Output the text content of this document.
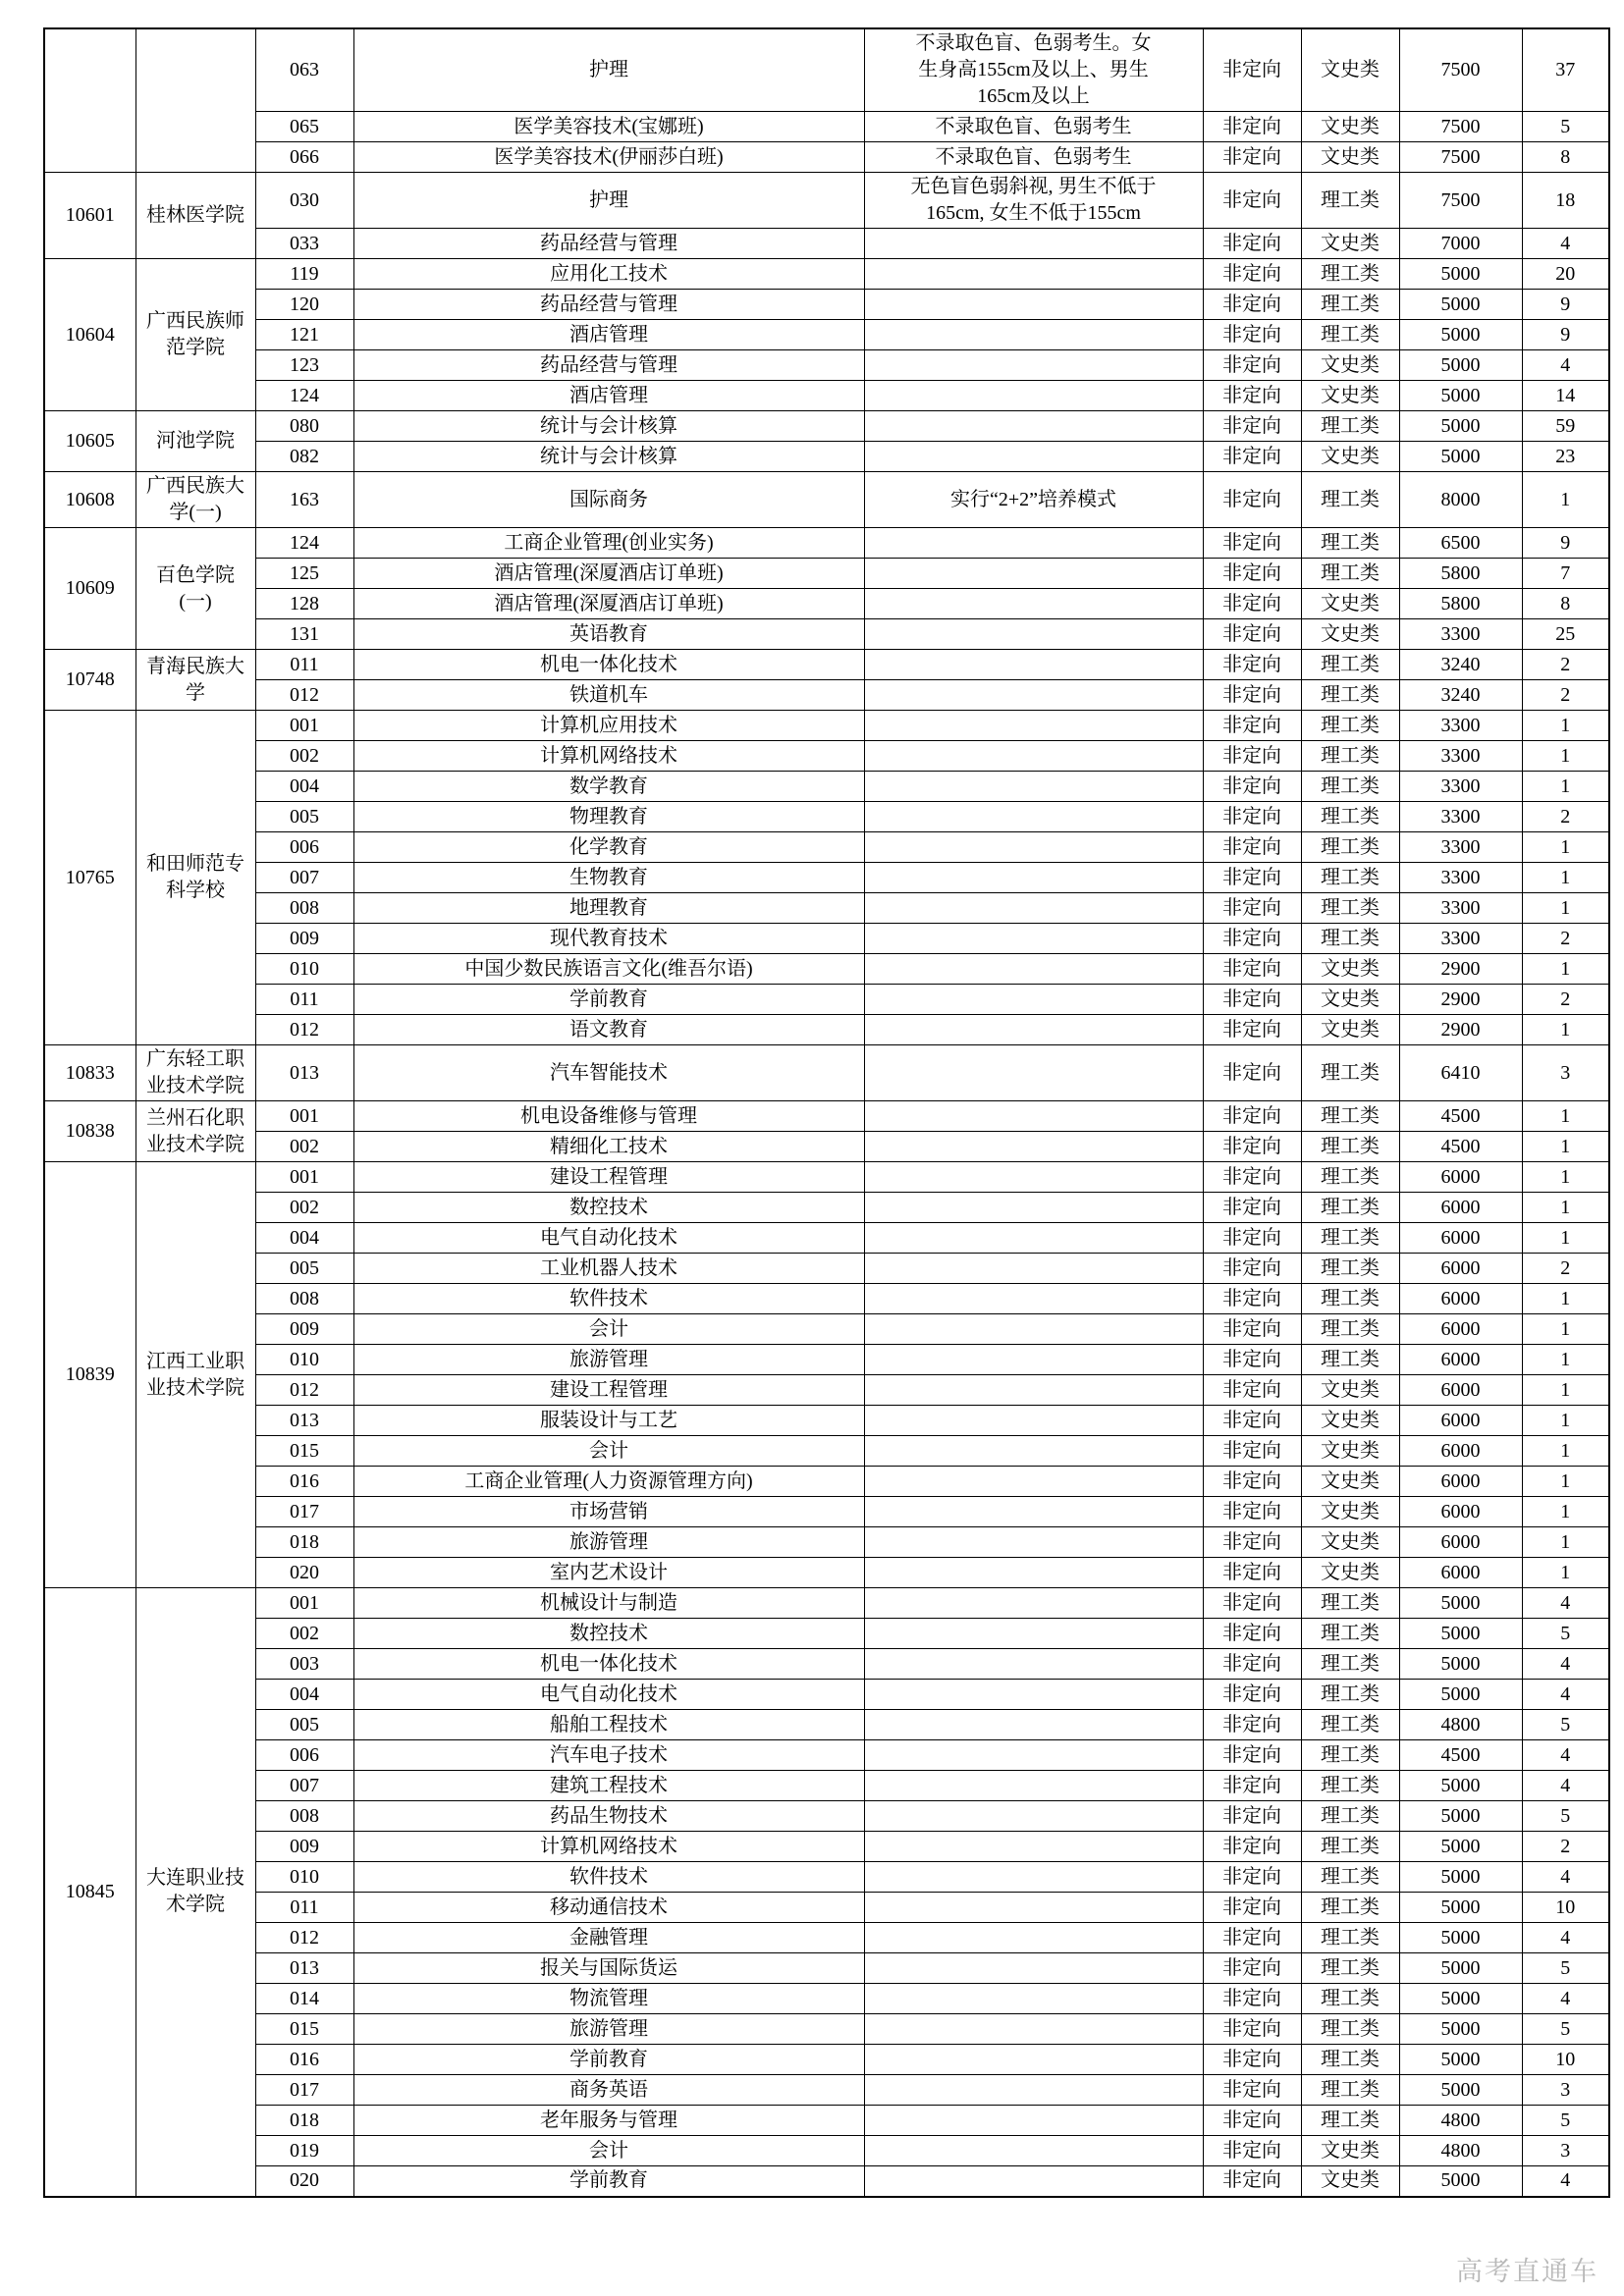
		063	护理	不录取色盲、色弱考生。女
生身高155cm及以上、男生
165cm及以上	非定向	文史类	7500	37
		065	医学美容技术(宝娜班)	不录取色盲、色弱考生	非定向	文史类	7500	5
		066	医学美容技术(伊丽莎白班)	不录取色盲、色弱考生	非定向	文史类	7500	8
10601	桂林医学院	030	护理	无色盲色弱斜视, 男生不低于
165cm, 女生不低于155cm	非定向	理工类	7500	18
		033	药品经营与管理		非定向	文史类	7000	4
10604	广西民族师
范学院	119	应用化工技术		非定向	理工类	5000	20
		120	药品经营与管理		非定向	理工类	5000	9
		121	酒店管理		非定向	理工类	5000	9
		123	药品经营与管理		非定向	文史类	5000	4
		124	酒店管理		非定向	文史类	5000	14
10605	河池学院	080	统计与会计核算		非定向	理工类	5000	59
		082	统计与会计核算		非定向	文史类	5000	23
10608	广西民族大
学(一)	163	国际商务	实行“2+2”培养模式	非定向	理工类	8000	1
10609	百色学院
(一)	124	工商企业管理(创业实务)		非定向	理工类	6500	9
		125	酒店管理(深厦酒店订单班)		非定向	理工类	5800	7
		128	酒店管理(深厦酒店订单班)		非定向	文史类	5800	8
		131	英语教育		非定向	文史类	3300	25
10748	青海民族大
学	011	机电一体化技术		非定向	理工类	3240	2
		012	铁道机车		非定向	理工类	3240	2
10765	和田师范专
科学校	001	计算机应用技术		非定向	理工类	3300	1
		002	计算机网络技术		非定向	理工类	3300	1
		004	数学教育		非定向	理工类	3300	1
		005	物理教育		非定向	理工类	3300	2
		006	化学教育		非定向	理工类	3300	1
		007	生物教育		非定向	理工类	3300	1
		008	地理教育		非定向	理工类	3300	1
		009	现代教育技术		非定向	理工类	3300	2
		010	中国少数民族语言文化(维吾尔语)		非定向	文史类	2900	1
		011	学前教育		非定向	文史类	2900	2
		012	语文教育		非定向	文史类	2900	1
10833	广东轻工职
业技术学院	013	汽车智能技术		非定向	理工类	6410	3
10838	兰州石化职
业技术学院	001	机电设备维修与管理		非定向	理工类	4500	1
		002	精细化工技术		非定向	理工类	4500	1
10839	江西工业职
业技术学院	001	建设工程管理		非定向	理工类	6000	1
		002	数控技术		非定向	理工类	6000	1
		004	电气自动化技术		非定向	理工类	6000	1
		005	工业机器人技术		非定向	理工类	6000	2
		008	软件技术		非定向	理工类	6000	1
		009	会计		非定向	理工类	6000	1
		010	旅游管理		非定向	理工类	6000	1
		012	建设工程管理		非定向	文史类	6000	1
		013	服装设计与工艺		非定向	文史类	6000	1
		015	会计		非定向	文史类	6000	1
		016	工商企业管理(人力资源管理方向)		非定向	文史类	6000	1
		017	市场营销		非定向	文史类	6000	1
		018	旅游管理		非定向	文史类	6000	1
		020	室内艺术设计		非定向	文史类	6000	1
10845	大连职业技
术学院	001	机械设计与制造		非定向	理工类	5000	4
		002	数控技术		非定向	理工类	5000	5
		003	机电一体化技术		非定向	理工类	5000	4
		004	电气自动化技术		非定向	理工类	5000	4
		005	船舶工程技术		非定向	理工类	4800	5
		006	汽车电子技术		非定向	理工类	4500	4
		007	建筑工程技术		非定向	理工类	5000	4
		008	药品生物技术		非定向	理工类	5000	5
		009	计算机网络技术		非定向	理工类	5000	2
		010	软件技术		非定向	理工类	5000	4
		011	移动通信技术		非定向	理工类	5000	10
		012	金融管理		非定向	理工类	5000	4
		013	报关与国际货运		非定向	理工类	5000	5
		014	物流管理		非定向	理工类	5000	4
		015	旅游管理		非定向	理工类	5000	5
		016	学前教育		非定向	理工类	5000	10
		017	商务英语		非定向	理工类	5000	3
		018	老年服务与管理		非定向	理工类	4800	5
		019	会计		非定向	文史类	4800	3
		020	学前教育		非定向	文史类	5000	4
高考直通车
